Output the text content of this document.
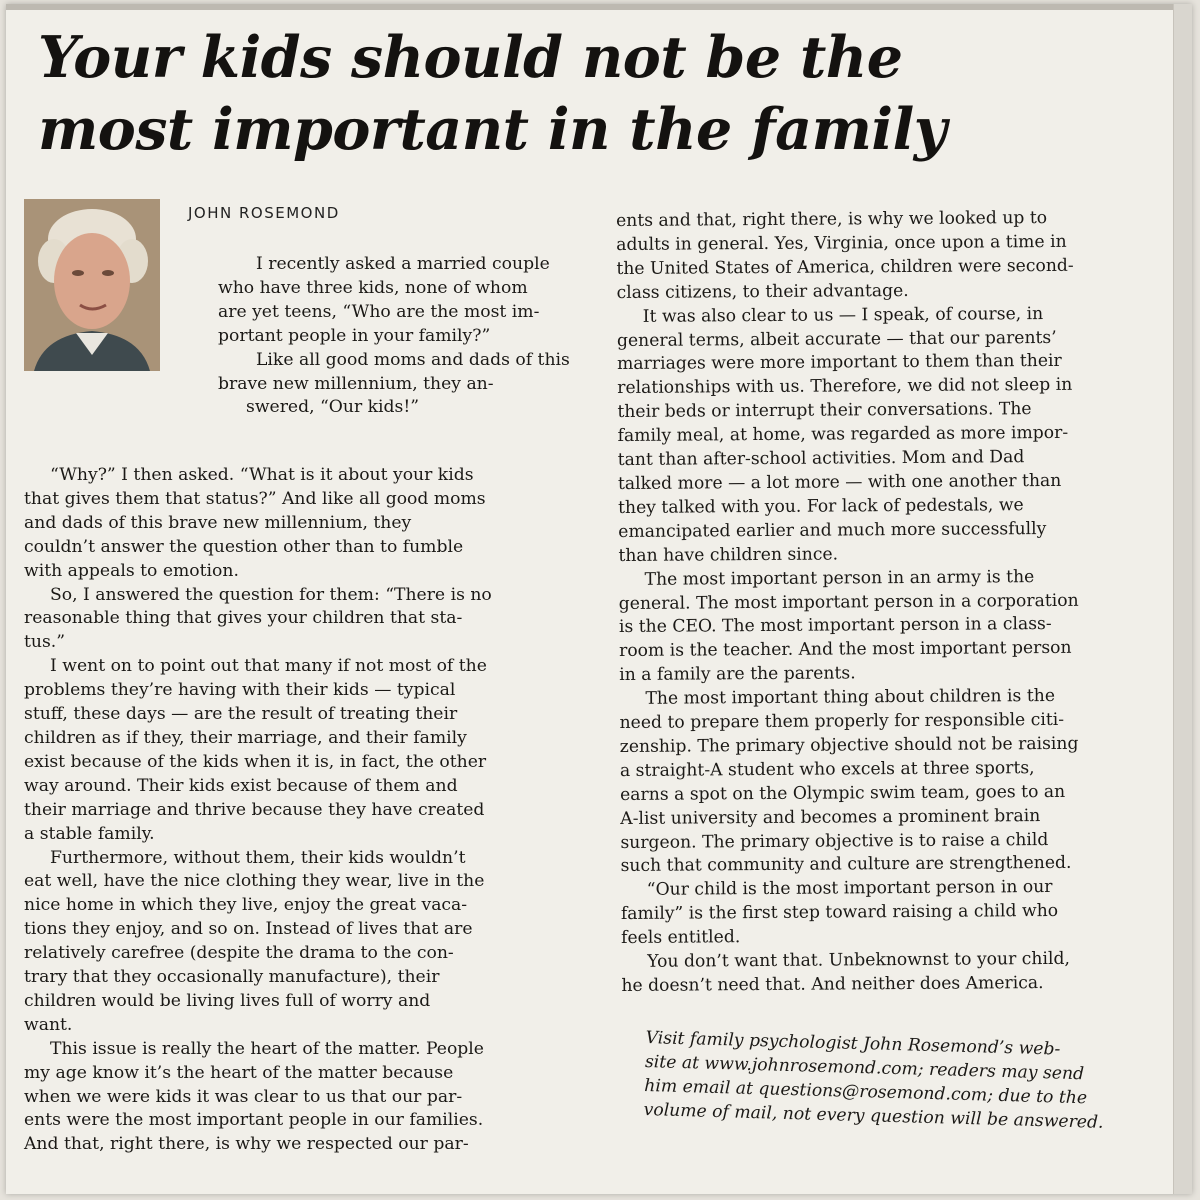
Your kids should not be the
most important in the family

JOHN ROSEMOND

I recently asked a married couple
who have three kids, none of whom
are yet teens, “Who are the most im-
portant people in your family?”

Like all good moms and dads of this
brave new millennium, they an-
swered, “Our kids!”

“Why?” I then asked. “What is it about your kids
that gives them that status?” And like all good moms
and dads of this brave new millennium, they
couldn’t answer the question other than to fumble
with appeals to emotion.

So, I answered the question for them: “There is no
reasonable thing that gives your children that sta-
tus.”

I went on to point out that many if not most of the
problems they’re having with their kids — typical
stuff, these days — are the result of treating their
children as if they, their marriage, and their family
exist because of the kids when it is, in fact, the other
way around. Their kids exist because of them and
their marriage and thrive because they have created
a stable family.

Furthermore, without them, their kids wouldn’t
eat well, have the nice clothing they wear, live in the
nice home in which they live, enjoy the great vaca-
tions they enjoy, and so on. Instead of lives that are
relatively carefree (despite the drama to the con-
trary that they occasionally manufacture), their
children would be living lives full of worry and
want.

This issue is really the heart of the matter. People
my age know it’s the heart of the matter because
when we were kids it was clear to us that our par-
ents were the most important people in our families.
And that, right there, is why we respected our par-

ents and that, right there, is why we looked up to
adults in general. Yes, Virginia, once upon a time in
the United States of America, children were second-
class citizens, to their advantage.

It was also clear to us — I speak, of course, in
general terms, albeit accurate — that our parents’
marriages were more important to them than their
relationships with us. Therefore, we did not sleep in
their beds or interrupt their conversations. The
family meal, at home, was regarded as more impor-
tant than after-school activities. Mom and Dad
talked more — a lot more — with one another than
they talked with you. For lack of pedestals, we
emancipated earlier and much more successfully
than have children since.

The most important person in an army is the
general. The most important person in a corporation
is the CEO. The most important person in a class-
room is the teacher. And the most important person
in a family are the parents.

The most important thing about children is the
need to prepare them properly for responsible citi-
zenship. The primary objective should not be raising
a straight-A student who excels at three sports,
earns a spot on the Olympic swim team, goes to an
A-list university and becomes a prominent brain
surgeon. The primary objective is to raise a child
such that community and culture are strengthened.

“Our child is the most important person in our
family” is the first step toward raising a child who
feels entitled.

You don’t want that. Unbeknownst to your child,
he doesn’t need that. And neither does America.

Visit family psychologist John Rosemond’s web-
site at www.johnrosemond.com; readers may send
him email at questions@rosemond.com; due to the
volume of mail, not every question will be answered.
